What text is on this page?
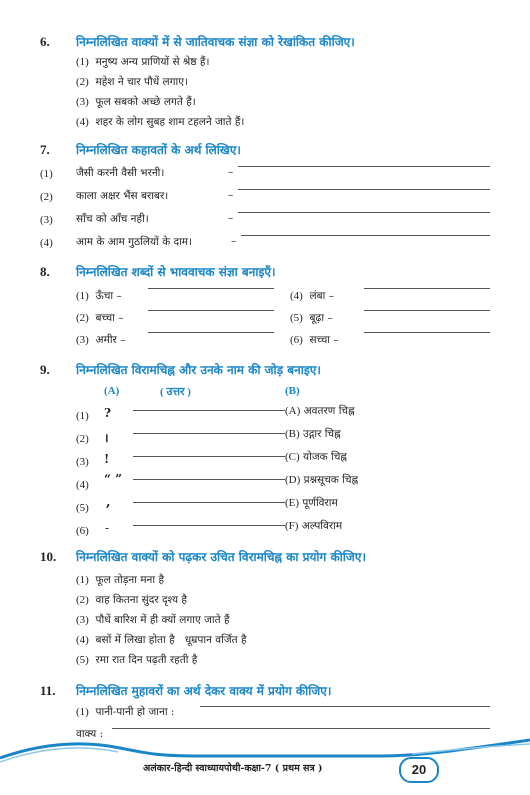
6. निम्नलिखित वाक्यों में से जातिवाचक संज्ञा को रेखांकित कीजिए।
(1) मनुष्य अन्य प्राणियों से श्रेष्ठ हैं।
(2) महेश ने चार पौधें लगाए।
(3) फूल सबको अच्छे लगते हैं।
(4) शहर के लोग सुबह शाम टहलने जाते हैं।
7. निम्नलिखित कहावतों के अर्थ लिखिए।
(1) जैसी करनी वैसी भरनी।	–
(2) काला अक्षर भैंस बराबर।	–
(3) साँच को आँच नही।	–
(4) आम के आम गुठलियों के दाम।	–
8. निम्नलिखित शब्दों से भाववाचक संज्ञा बनाइएँ।
(1) ऊँचा –	(4) लंबा –
(2) बच्चा –	(5) बूढ़ा –
(3) अमीर –	(6) सच्चा –
9. निम्नलिखित विरामचिह्न और उनके नाम की जोड़ बनाइए।
(A)	( उत्तर )	(B)
(1) ?	(A) अवतरण चिह्न
(2) ।	(B) उद्गार चिह्न
(3) !	(C) योजक चिह्न
(4) “ ”	(D) प्रश्नसूचक चिह्न
(5) ,	(E) पूर्णविराम
(6) -	(F) अल्पविराम
10. निम्नलिखित वाक्यों को पढ़कर उचित विरामचिह्न का प्रयोग कीजिए।
(1) फूल तोड़ना मना है
(2) वाह कितना सुंदर दृश्य है
(3) पौधें बारिश में ही क्यों लगाए जाते हैं
(4) बसों में लिखा होता है   धूम्रपान वर्जित है
(5) रमा रात दिन पढ़ती रहती है
11. निम्नलिखित मुहावरों का अर्थ देकर वाक्य में प्रयोग कीजिए।
(1) पानी-पानी हो जाना :
वाक्य :
अलंकार-हिन्दी स्वाध्यायपोथी-कक्षा-7 ( प्रथम सत्र )	20
